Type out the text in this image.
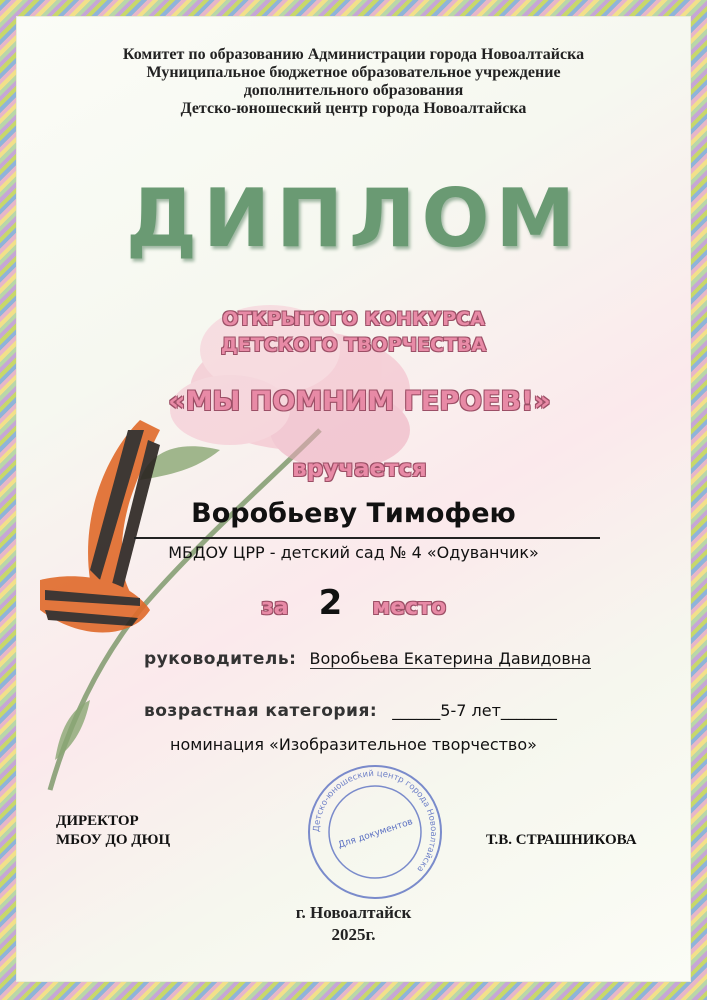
Комитет по образованию Администрации города Новоалтайска
Муниципальное бюджетное образовательное учреждение
дополнительного образования
Детско-юношеский центр города Новоалтайска
ДИПЛОМ
ОТКРЫТОГО КОНКУРСА
ДЕТСКОГО ТВОРЧЕСТВА
«МЫ ПОМНИМ ГЕРОЕВ!»
вручается
Воробьеву Тимофею
МБДОУ ЦРР - детский сад № 4 «Одуванчик»
за 2 место
руководитель: Воробьева Екатерина Давидовна
возрастная категория: ______5-7 лет_______
номинация «Изобразительное творчество»
ДИРЕКТОР
МБОУ ДО ДЮЦ
Детско-юношеский центр города Новоалтайска
Для документов	Т.В. СТРАШНИКОВА
г. Новоалтайск
2025г.
